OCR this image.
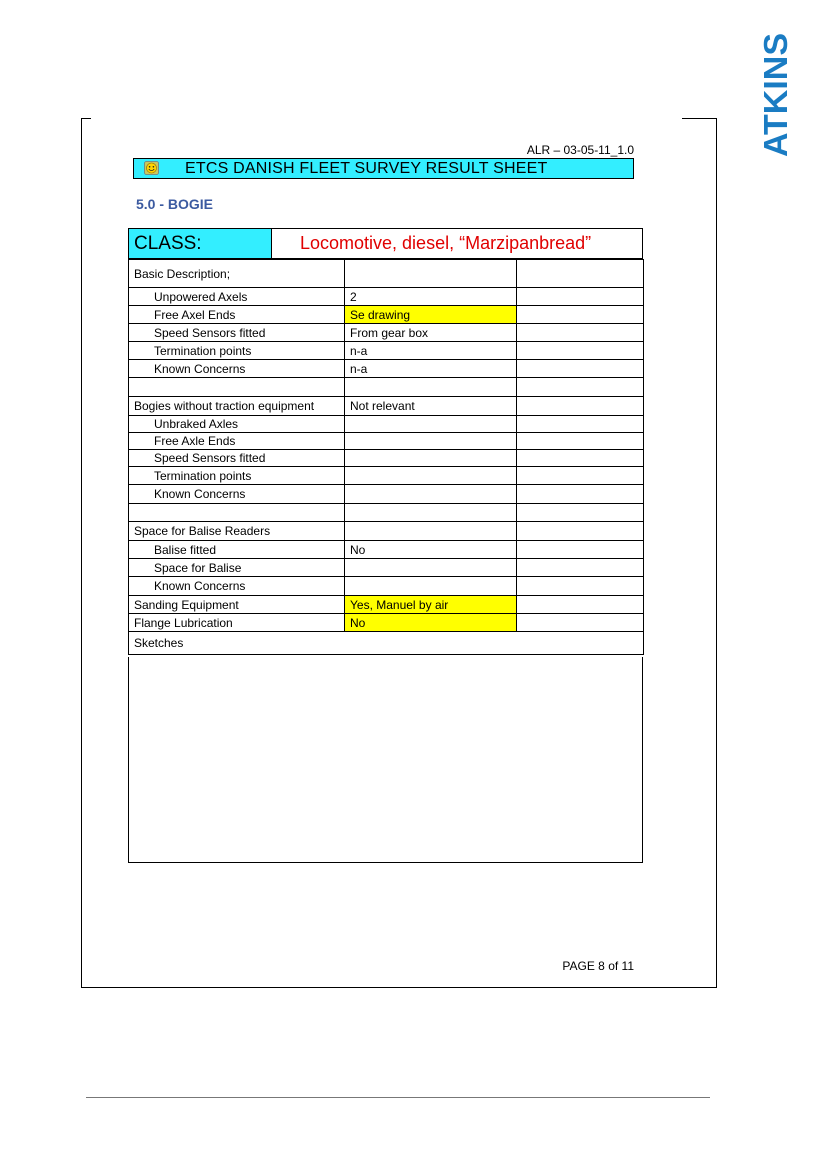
ATKINS
ALR – 03-05-11_1.0
ETCS DANISH FLEET SURVEY RESULT SHEET
5.0 - BOGIE
CLASS:	Locomotive, diesel, “Marzipanbread”
Basic Description;		
Unpowered Axels	2	
Free Axel Ends	Se drawing	
Speed Sensors fitted	From gear box	
Termination points	n-a	
Known Concerns	n-a	

Bogies without traction equipment	Not relevant	
Unbraked Axles		
Free Axle Ends		
Speed Sensors fitted		
Termination points		
Known Concerns		

Space for Balise Readers		
Balise fitted	No	
Space for Balise		
Known Concerns		
Sanding Equipment	Yes, Manuel by air	
Flange Lubrication	No	
Sketches		
PAGE 8 of 11
